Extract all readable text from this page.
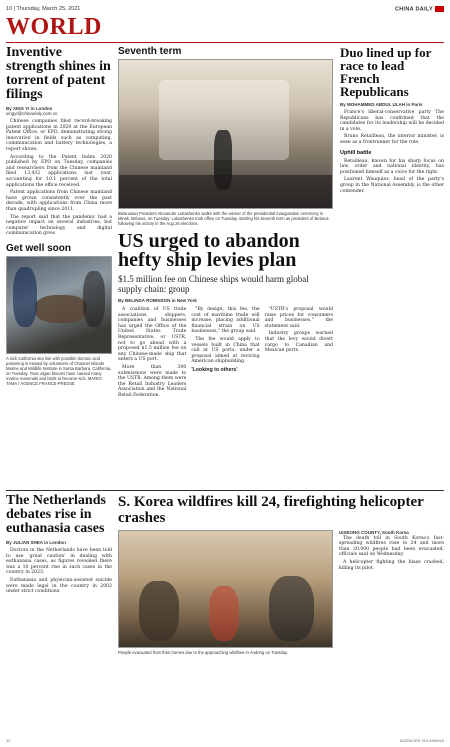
10 | Thursday, March 25, 2021	CHINA DAILY
WORLD
Inventive strength shines in torrent of patent filings
By XING YI in London
xingyi@chinadaily.com.cn

Chinese companies filed record-breaking patent applications in 2020 at the European Patent Office, or EPO, demonstrating strong innovation in fields such as computing, communication and battery technologies, a report shows.

According to the Patent Index 2020 published by EPO on Tuesday, companies and researchers from the Chinese mainland filed 13,432 applications last year, accounting for 10.1 percent of the total applications the office received.

Patent applications from Chinese mainland have grown consistently over the past decade, with applications from China more than quadrupling since 2011.

The report said that the pandemic had a negative impact on several industries, but computer technology and digital communication grew.

Get well soon
A sick California sea lion with possible domoic acid poisoning is treated by volunteers of Channel Islands Marine and Wildlife Institute in Santa Barbara, California, on Tuesday. Toxic algae blooms have caused many marine mammals and birds to become sick. MARIO TAMA / AGENCE FRANCE-PRESSE
Seventh term
Belarusian President Alexander Lukashenko walks with the winner of the presidential inauguration ceremony in Minsk. Belarus, on Tuesday. Lukashenko took office on Tuesday, starting his seventh term as president of Belarus following his victory in the Aug 26 elections.
US urged to abandon hefty ship levies plan
$1.5 million fee on Chinese ships would harm global supply chain: group
By BELINDA ROBINSON in New York

A coalition of US trade associations, shippers, companies and businesses has urged the Office of the United States Trade Representative, or USTR, not to go ahead with a proposed $1.5 million fee on any Chinese-made ship that enters a US port.

More than 300 submissions were made to the USTR. Among them were the Retail Industry Leaders Association and the National Retail Federation.

"By design, this fee, the cost of maritime trade will increase, placing additional financial strain on US businesses," the group said.

The fee would apply to vessels built in China that call at US ports, under a proposal aimed at reviving American shipbuilding.

'Looking to others'

"USTR's proposal would raise prices for consumers and businesses," the statement said.

Industry groups warned that the levy would divert cargo to Canadian and Mexican ports.

Duo lined up for race to lead French Republicans
By MOHAMMED ABDUL ULAH in Paris

France's liberal-conservative party The Republicans has confirmed that the candidates for its leadership will be decided in a vote.

Bruno Retailleau, the interior minister, is seen as a frontrunner for the role.

Uphill battle

Retailleau, known for his sharp focus on law, order and national identity, has positioned himself as a voice for the right.

Laurent Wauquiez, head of the party's group in the National Assembly, is the other contender.

The Netherlands debates rise in euthanasia cases
By JULIAN SHEA in London

Doctors in the Netherlands have been told to use 'great caution' in dealing with euthanasia cases, as figures revealed there was a 10 percent rise in such cases in the country in 2023.

Euthanasia and physician-assisted suicide were made legal in the country in 2002 under strict conditions.

S. Korea wildfires kill 24, firefighting helicopter crashes
People evacuated from their homes due to the approaching wildfires in Andong on Tuesday.
UISEONG COUNTY, South Korea

The death toll in South Korea's fast-spreading wildfires rose to 24 and more than 20,000 people had been evacuated, officials said on Wednesday.

A helicopter fighting the blaze crashed, killing its pilot.

10	AGENCIES VIA XINHUA
